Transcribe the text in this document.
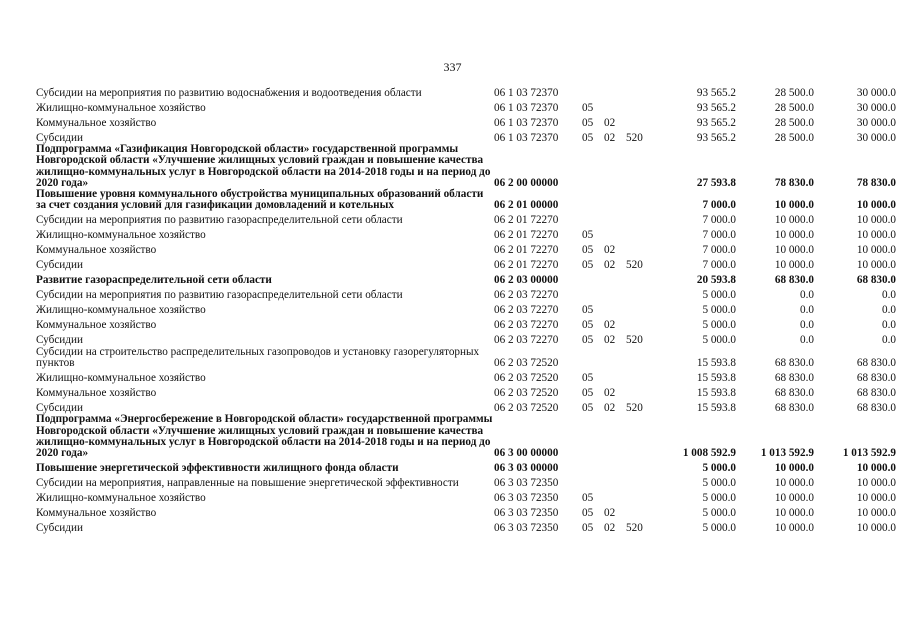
337
Субсидии на мероприятия по развитию водоснабжения и водоотведения области	06 1 03 72370				93 565.2	28 500.0	30 000.0
Жилищно-коммунальное хозяйство	06 1 03 72370	05			93 565.2	28 500.0	30 000.0
Коммунальное хозяйство	06 1 03 72370	05	02		93 565.2	28 500.0	30 000.0
Субсидии	06 1 03 72370	05	02	520	93 565.2	28 500.0	30 000.0
Подпрограмма «Газификация Новгородской области» государственной программы Новгородской области «Улучшение жилищных условий граждан и повышение качества жилищно-коммунальных услуг в Новгородской области на 2014-2018 годы и на период до 2020 года»	06 2 00 00000				27 593.8	78 830.0	78 830.0
Повышение уровня коммунального обустройства муниципальных образований области за счет создания условий для газификации домовладений и котельных	06 2 01 00000				7 000.0	10 000.0	10 000.0
Субсидии на мероприятия по развитию газораспределительной сети области	06 2 01 72270				7 000.0	10 000.0	10 000.0
Жилищно-коммунальное хозяйство	06 2 01 72270	05			7 000.0	10 000.0	10 000.0
Коммунальное хозяйство	06 2 01 72270	05	02		7 000.0	10 000.0	10 000.0
Субсидии	06 2 01 72270	05	02	520	7 000.0	10 000.0	10 000.0
Развитие газораспределительной сети области	06 2 03 00000				20 593.8	68 830.0	68 830.0
Субсидии на мероприятия по развитию газораспределительной сети области	06 2 03 72270				5 000.0	0.0	0.0
Жилищно-коммунальное хозяйство	06 2 03 72270	05			5 000.0	0.0	0.0
Коммунальное хозяйство	06 2 03 72270	05	02		5 000.0	0.0	0.0
Субсидии	06 2 03 72270	05	02	520	5 000.0	0.0	0.0
Субсидии на строительство распределительных газопроводов и установку газорегуляторных пунктов	06 2 03 72520				15 593.8	68 830.0	68 830.0
Жилищно-коммунальное хозяйство	06 2 03 72520	05			15 593.8	68 830.0	68 830.0
Коммунальное хозяйство	06 2 03 72520	05	02		15 593.8	68 830.0	68 830.0
Субсидии	06 2 03 72520	05	02	520	15 593.8	68 830.0	68 830.0
Подпрограмма «Энергосбережение в Новгородской области» государственной программы Новгородской области «Улучшение жилищных условий граждан и повышение качества жилищно-коммунальных услуг в Новгородской области на 2014-2018 годы и на период до 2020 года»	06 3 00 00000				1 008 592.9	1 013 592.9	1 013 592.9
Повышение энергетической эффективности жилищного фонда области	06 3 03 00000				5 000.0	10 000.0	10 000.0
Субсидии на мероприятия, направленные на повышение энергетической эффективности	06 3 03 72350				5 000.0	10 000.0	10 000.0
Жилищно-коммунальное хозяйство	06 3 03 72350	05			5 000.0	10 000.0	10 000.0
Коммунальное хозяйство	06 3 03 72350	05	02		5 000.0	10 000.0	10 000.0
Субсидии	06 3 03 72350	05	02	520	5 000.0	10 000.0	10 000.0
